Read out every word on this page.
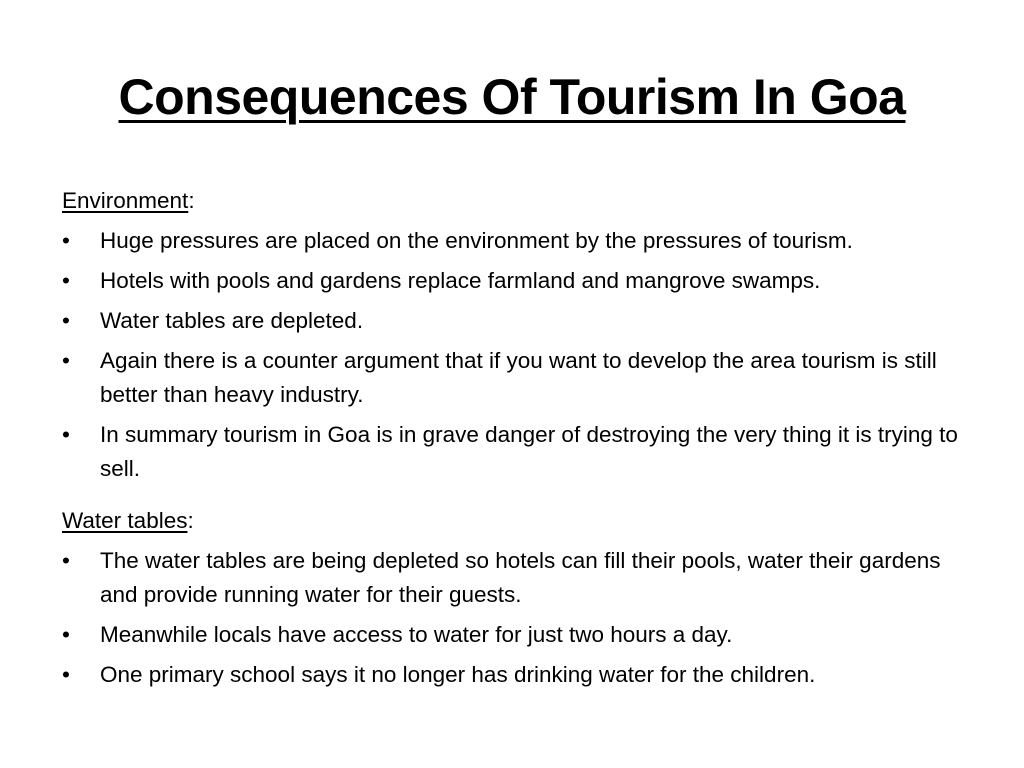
Consequences Of Tourism In Goa
Environment:
•	Huge pressures are placed on the environment by the pressures of tourism.
•	Hotels with pools and gardens replace farmland and mangrove swamps.
•	Water tables are depleted.
•	Again there is a counter argument that if you want to develop the area tourism is still better than heavy industry.
•	In summary tourism in Goa is in grave danger of destroying the very thing it is trying to sell.
Water tables:
•	The water tables are being depleted so hotels can fill their pools, water their gardens and provide running water for their guests.
•	Meanwhile locals have access to water for just two hours a day.
•	One primary school says it no longer has drinking water for the children.
